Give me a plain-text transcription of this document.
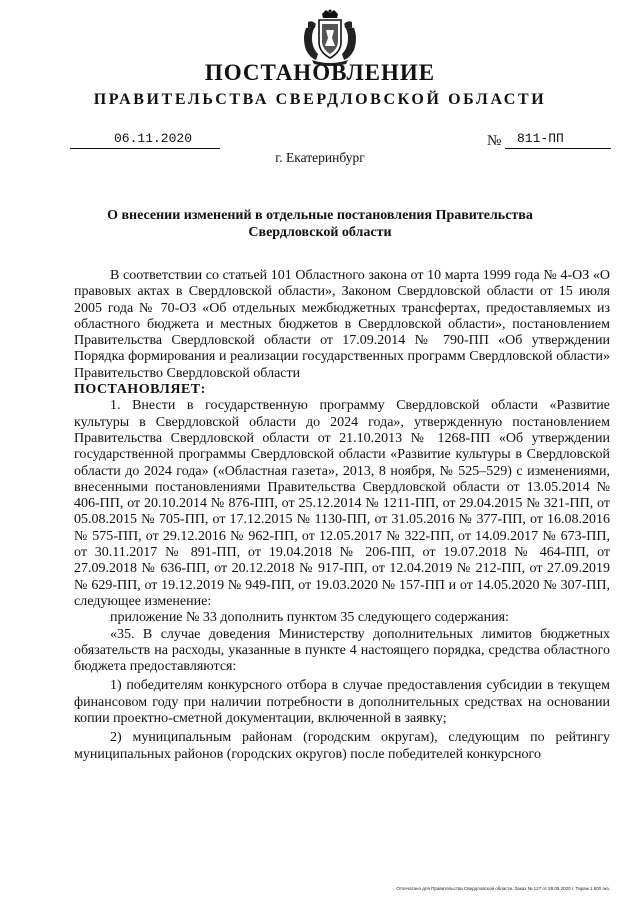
ПОСТАНОВЛЕНИЕ
ПРАВИТЕЛЬСТВА СВЕРДЛОВСКОЙ ОБЛАСТИ
06.11.2020	№	811-ПП
г. Екатеринбург
О внесении изменений в отдельные постановления Правительства Свердловской области

В соответствии со статьей 101 Областного закона от 10 марта 1999 года № 4-ОЗ «О правовых актах в Свердловской области», Законом Свердловской области от 15 июля 2005 года № 70-ОЗ «Об отдельных межбюджетных трансфертах, предоставляемых из областного бюджета и местных бюджетов в Свердловской области», постановлением Правительства Свердловской области от 17.09.2014 № 790-ПП «Об утверждении Порядка формирования и реализации государственных программ Свердловской области» Правительство Свердловской области

ПОСТАНОВЛЯЕТ:

1. Внести в государственную программу Свердловской области «Развитие культуры в Свердловской области до 2024 года», утвержденную постановлением Правительства Свердловской области от 21.10.2013 № 1268-ПП «Об утверждении государственной программы Свердловской области «Развитие культуры в Свердловской области до 2024 года» («Областная газета», 2013, 8 ноября, № 525–529) с изменениями, внесенными постановлениями Правительства Свердловской области от 13.05.2014 № 406-ПП, от 20.10.2014 № 876-ПП, от 25.12.2014 № 1211-ПП, от 29.04.2015 № 321-ПП, от 05.08.2015 № 705-ПП, от 17.12.2015 № 1130-ПП, от 31.05.2016 № 377-ПП, от 16.08.2016 № 575-ПП, от 29.12.2016 № 962-ПП, от 12.05.2017 № 322-ПП, от 14.09.2017 № 673-ПП, от 30.11.2017 № 891-ПП, от 19.04.2018 № 206-ПП, от 19.07.2018 № 464-ПП, от 27.09.2018 № 636-ПП, от 20.12.2018 № 917-ПП, от 12.04.2019 № 212-ПП, от 27.09.2019 № 629-ПП, от 19.12.2019 № 949-ПП, от 19.03.2020 № 157-ПП и от 14.05.2020 № 307-ПП, следующее изменение:

приложение № 33 дополнить пунктом 35 следующего содержания:

«35. В случае доведения Министерству дополнительных лимитов бюджетных обязательств на расходы, указанные в пункте 4 настоящего порядка, средства областного бюджета предоставляются:

1) победителям конкурсного отбора в случае предоставления субсидии в текущем финансовом году при наличии потребности в дополнительных средствах на основании копии проектно-сметной документации, включенной в заявку;

2) муниципальным районам (городским округам), следующим по рейтингу муниципальных районов (городских округов) после победителей конкурсного

Отпечатано для Правительства Свердловской области. Заказ № 127 от 29.05.2020 г. Тираж 1 500 экз.
